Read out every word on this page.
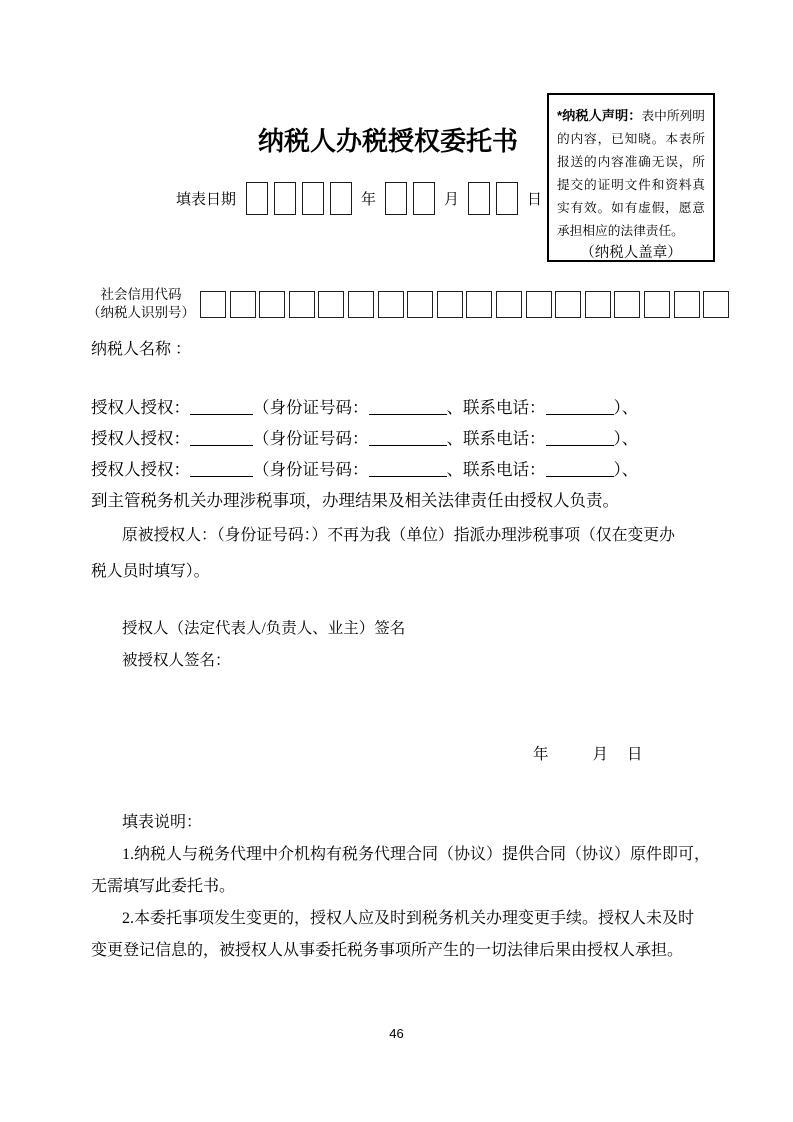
纳税人办税授权委托书
*纳税人声明：表中所列明的内容，已知晓。本表所报送的内容准确无误，所提交的证明文件和资料真实有效。如有虚假，愿意承担相应的法律责任。
（纳税人盖章）
填表日期	年	月	日
社会信用代码
（纳税人识别号）
纳税人名称 ：
授权人授权：	（身份证号码：	、联系电话：	）、
授权人授权：	（身份证号码：	、联系电话：	）、
授权人授权：	（身份证号码：	、联系电话：	）、
到主管税务机关办理涉税事项，办理结果及相关法律责任由授权人负责。
原被授权人：（身份证号码：）不再为我（单位）指派办理涉税事项（仅在变更办
税人员时填写）。
授权人（法定代表人/负责人、业主）签名
被授权人签名：
年	月 日
填表说明：
1.纳税人与税务代理中介机构有税务代理合同（协议）提供合同（协议）原件即可，
无需填写此委托书。
2.本委托事项发生变更的，授权人应及时到税务机关办理变更手续。授权人未及时
变更登记信息的，被授权人从事委托税务事项所产生的一切法律后果由授权人承担。
46
